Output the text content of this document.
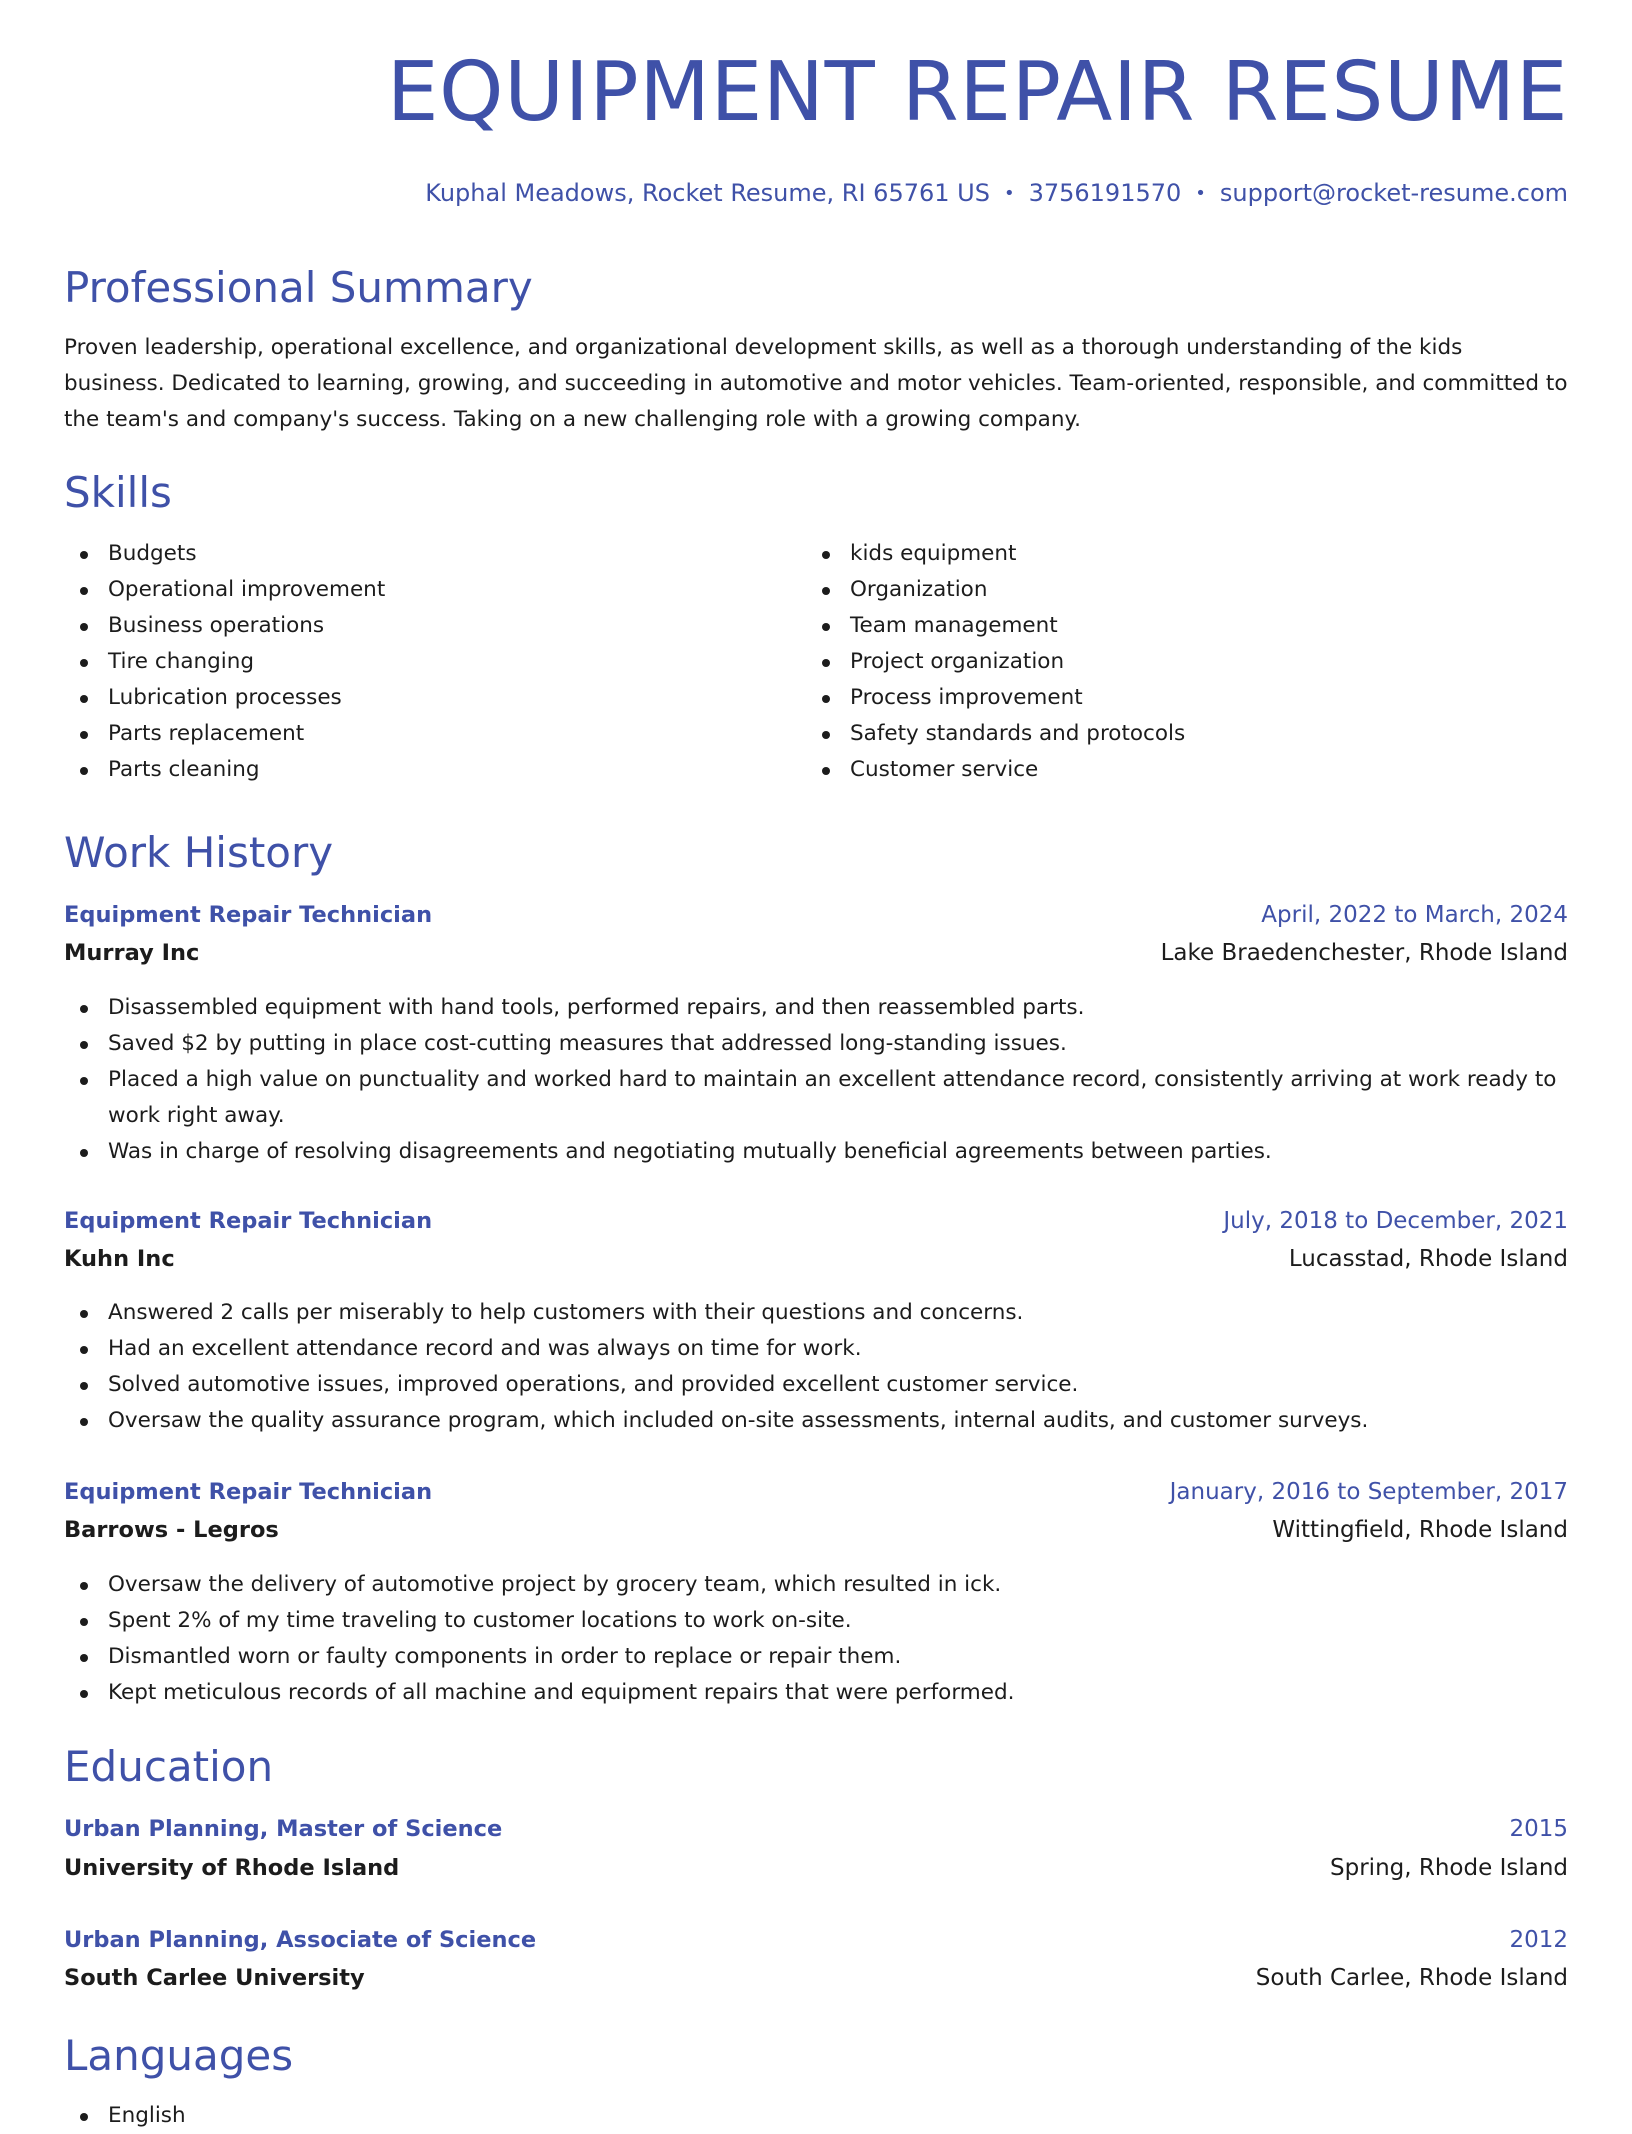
EQUIPMENT REPAIR RESUME
Kuphal Meadows, Rocket Resume, RI 65761 US • 3756191570 • support@rocket-resume.com
Professional Summary

Proven leadership, operational excellence, and organizational development skills, as well as a thorough understanding of the kids business. Dedicated to learning, growing, and succeeding in automotive and motor vehicles. Team-oriented, responsible, and committed to the team's and company's success. Taking on a new challenging role with a growing company.

Skills
Budgets
Operational improvement
Business operations
Tire changing
Lubrication processes
Parts replacement
Parts cleaning
kids equipment
Organization
Team management
Project organization
Process improvement
Safety standards and protocols
Customer service
Work History
Equipment Repair Technician	April, 2022 to March, 2024
Murray Inc	Lake Braedenchester, Rhode Island
Disassembled equipment with hand tools, performed repairs, and then reassembled parts.
Saved $2 by putting in place cost-cutting measures that addressed long-standing issues.
Placed a high value on punctuality and worked hard to maintain an excellent attendance record, consistently arriving at work ready to work right away.
Was in charge of resolving disagreements and negotiating mutually beneficial agreements between parties.
Equipment Repair Technician	July, 2018 to December, 2021
Kuhn Inc	Lucasstad, Rhode Island
Answered 2 calls per miserably to help customers with their questions and concerns.
Had an excellent attendance record and was always on time for work.
Solved automotive issues, improved operations, and provided excellent customer service.
Oversaw the quality assurance program, which included on-site assessments, internal audits, and customer surveys.
Equipment Repair Technician	January, 2016 to September, 2017
Barrows - Legros	Wittingfield, Rhode Island
Oversaw the delivery of automotive project by grocery team, which resulted in ick.
Spent 2% of my time traveling to customer locations to work on-site.
Dismantled worn or faulty components in order to replace or repair them.
Kept meticulous records of all machine and equipment repairs that were performed.
Education
Urban Planning, Master of Science	2015
University of Rhode Island	Spring, Rhode Island
Urban Planning, Associate of Science	2012
South Carlee University	South Carlee, Rhode Island
Languages
English
